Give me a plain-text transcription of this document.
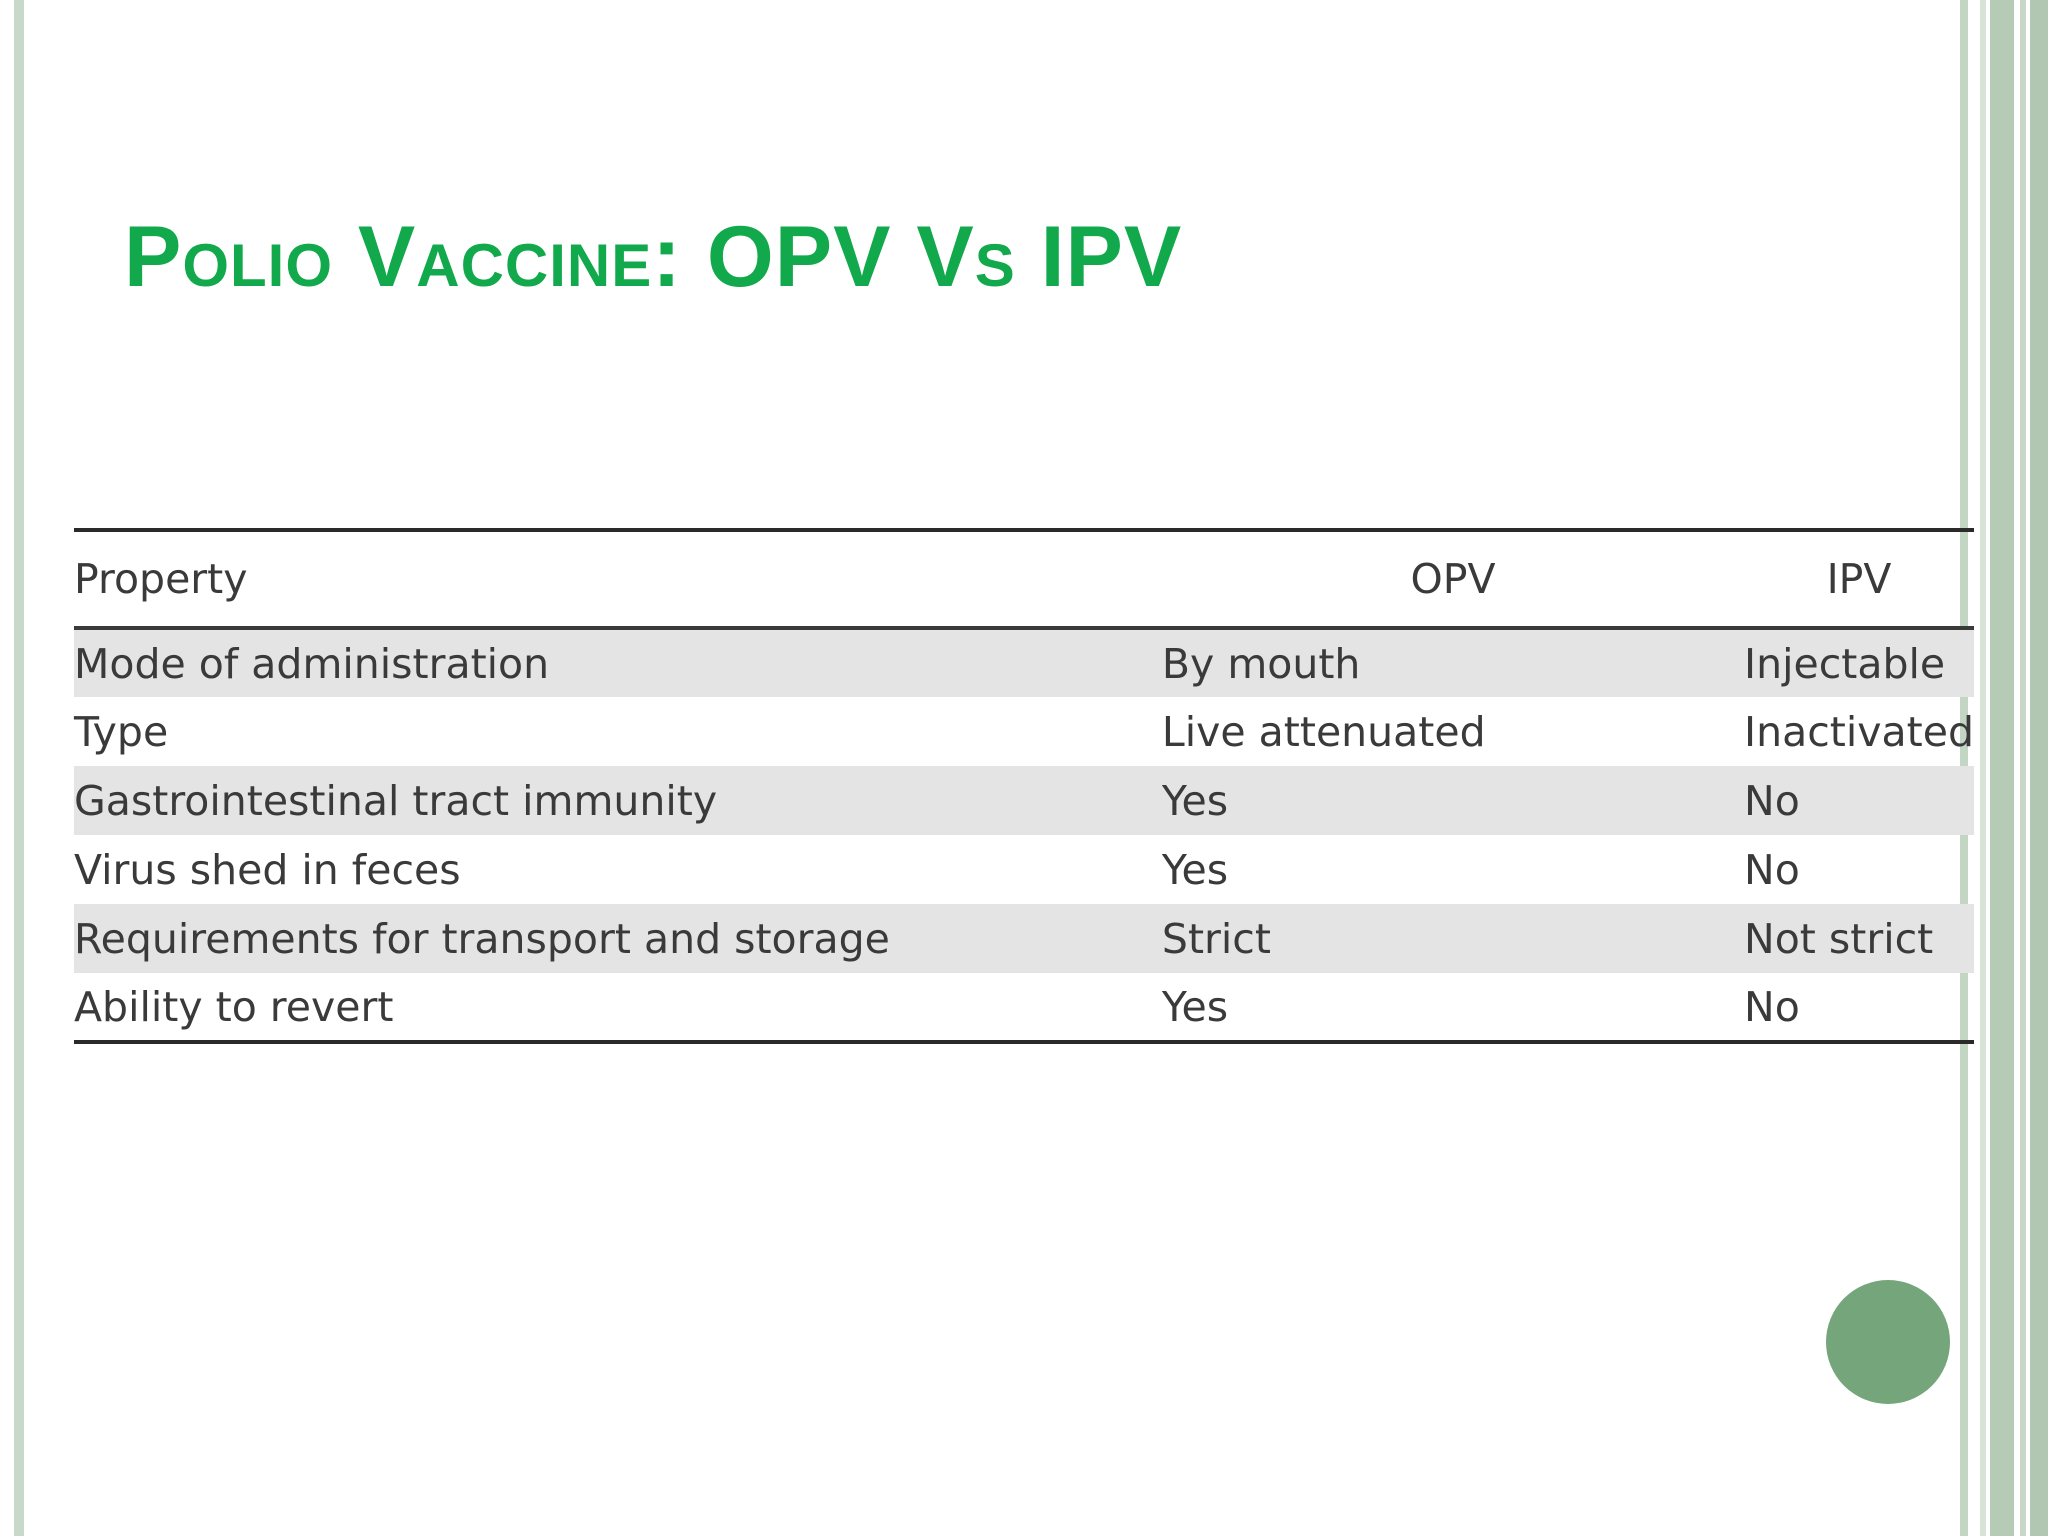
Polio Vaccine: OPV Vs IPV
Property	OPV	IPV
Mode of administration	By mouth	Injectable
Type	Live attenuated	Inactivated
Gastrointestinal tract immunity	Yes	No
Virus shed in feces	Yes	No
Requirements for transport and storage	Strict	Not strict
Ability to revert	Yes	No
